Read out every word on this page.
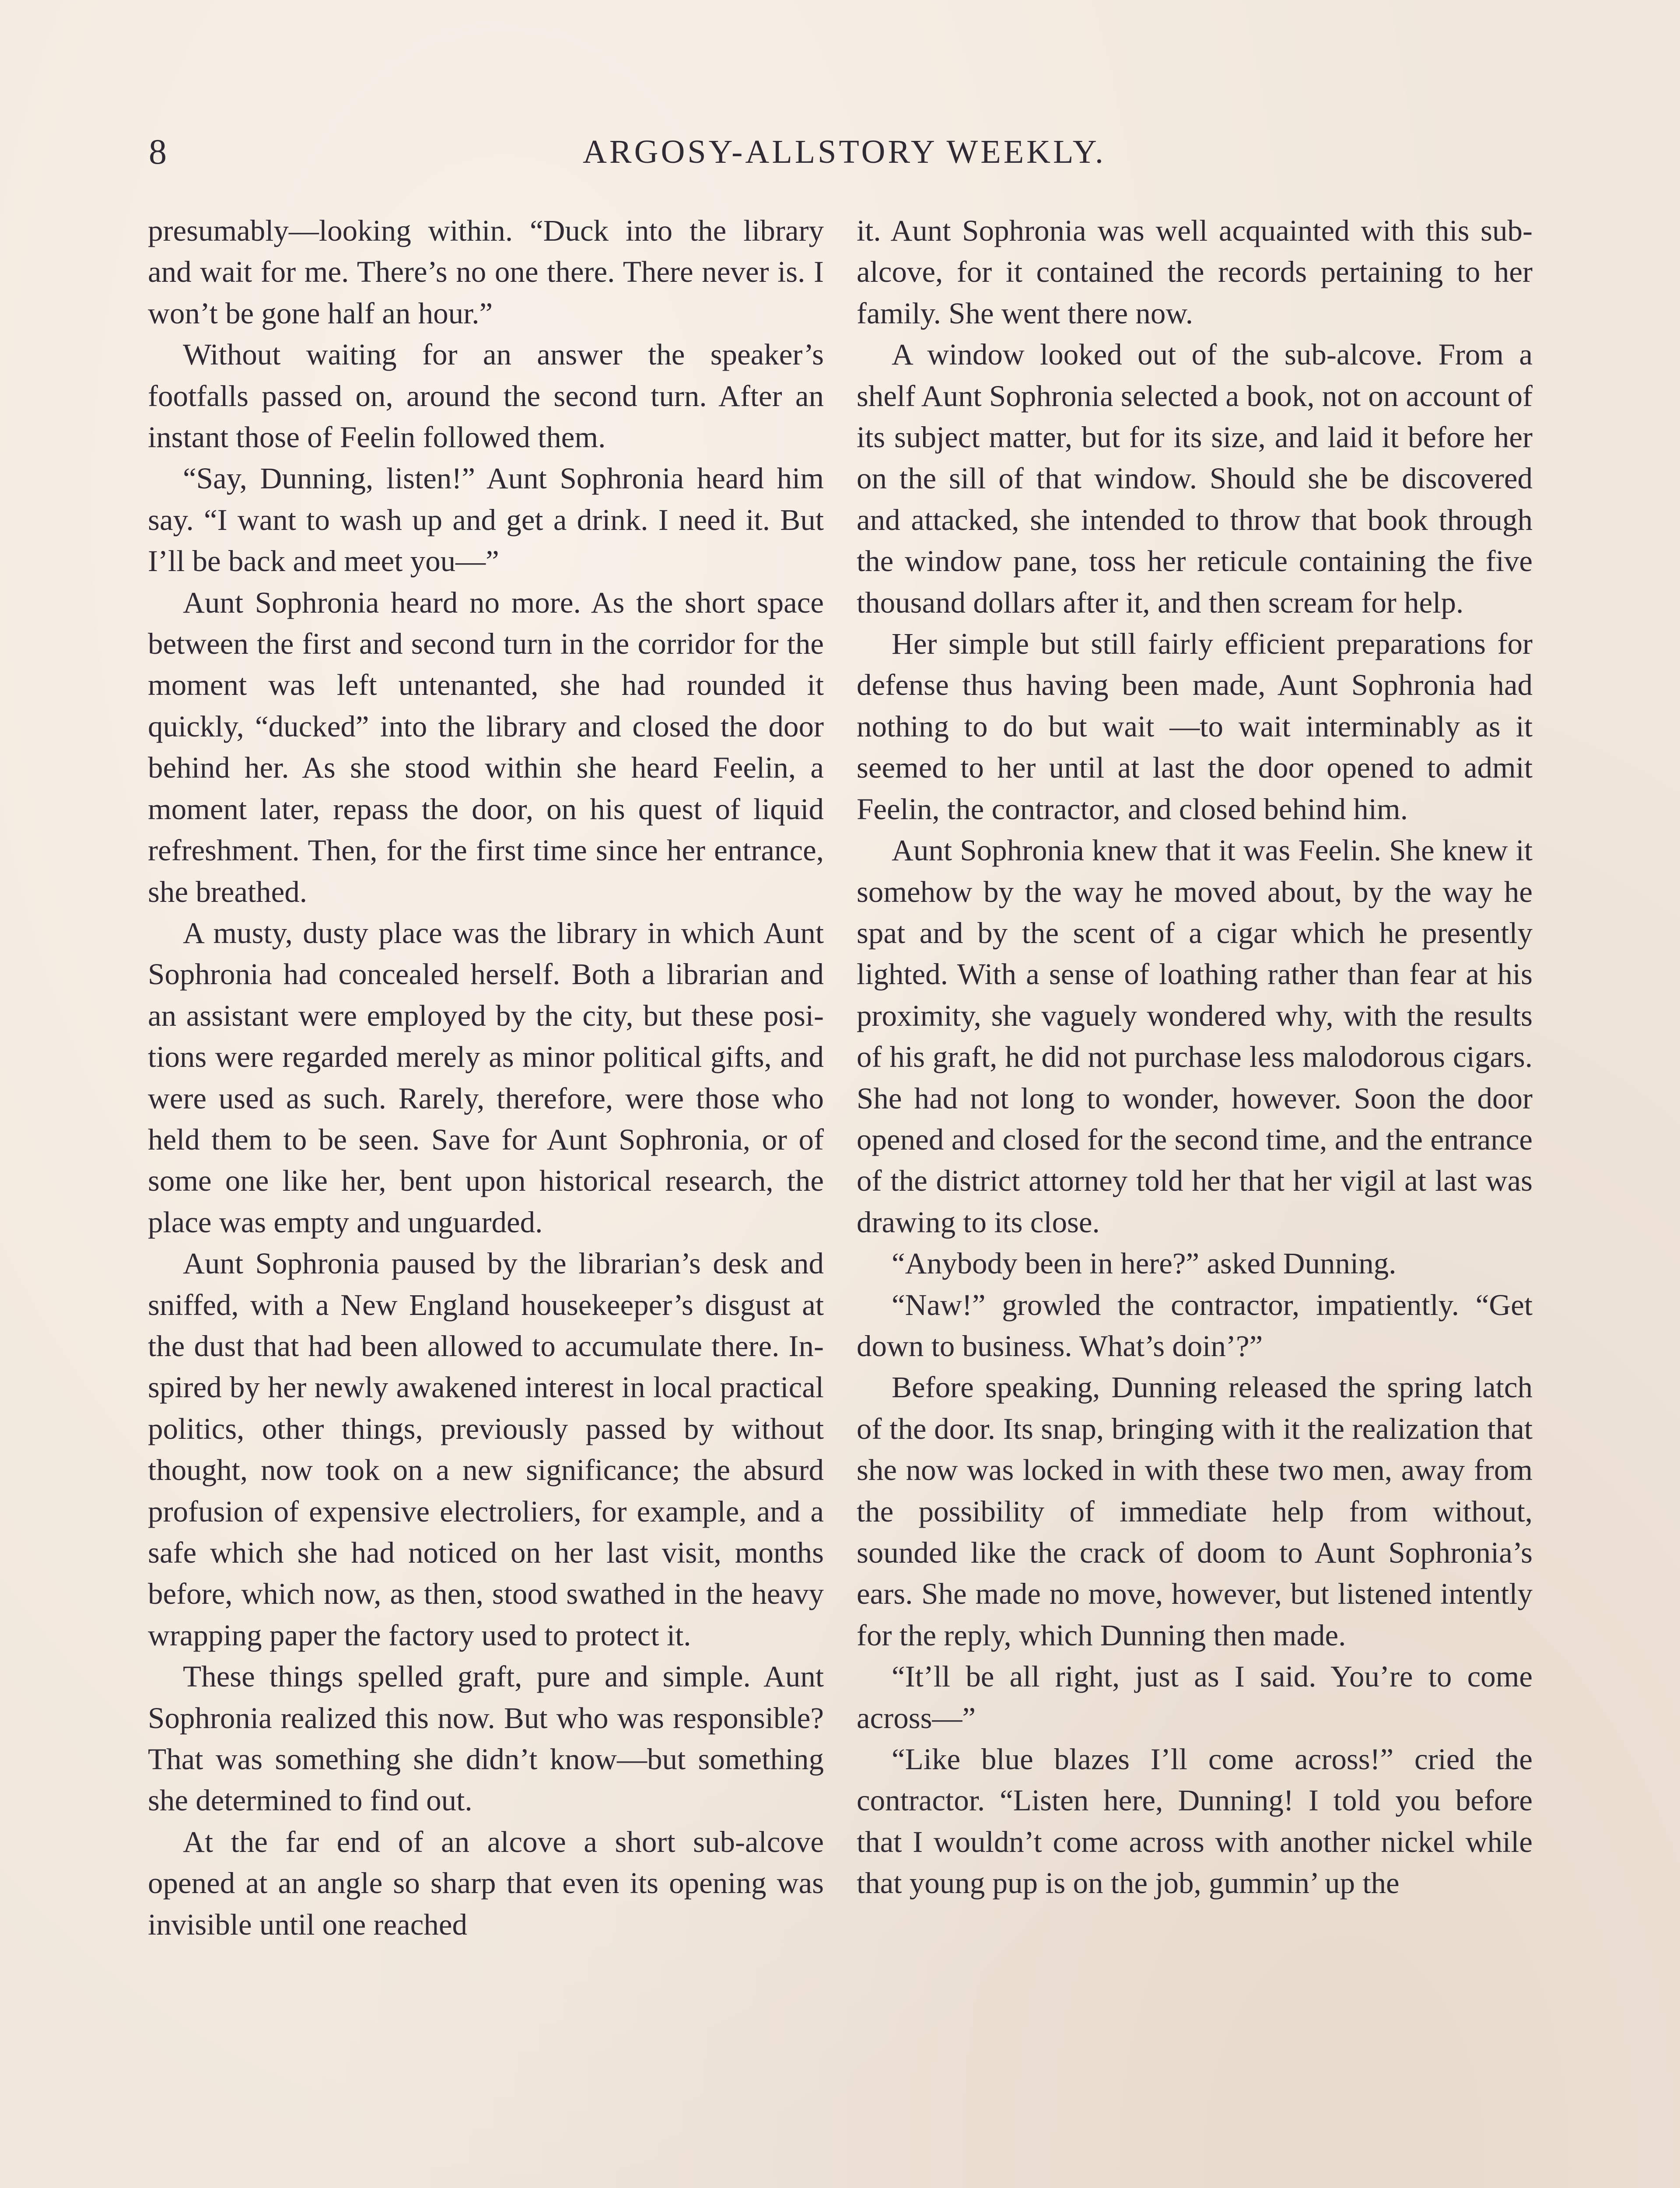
8	ARGOSY-ALLSTORY WEEKLY.

presumably—looking within. “Duck into the library and wait for me. There’s no one there. There never is. I won’t be gone half an hour.”

Without waiting for an answer the speaker’s footfalls passed on, around the second turn. After an instant those of Feelin followed them.

“Say, Dunning, listen!” Aunt Sophronia heard him say. “I want to wash up and get a drink. I need it. But I’ll be back and meet you—”

Aunt Sophronia heard no more. As the short space between the first and second turn in the corridor for the moment was left untenanted, she had rounded it quickly, “ducked” into the library and closed the door behind her. As she stood within she heard Feelin, a moment later, repass the door, on his quest of liquid refreshment. Then, for the first time since her entrance, she breathed.

A musty, dusty place was the library in which Aunt Sophronia had concealed herself. Both a librarian and an assistant were employed by the city, but these positions were regarded merely as minor political gifts, and were used as such. Rarely, therefore, were those who held them to be seen. Save for Aunt Sophronia, or of some one like her, bent upon historical research, the place was empty and unguarded.

Aunt Sophronia paused by the librarian’s desk and sniffed, with a New England housekeeper’s disgust at the dust that had been allowed to accumulate there. Inspired by her newly awakened interest in local practical politics, other things, previously passed by without thought, now took on a new significance; the absurd profusion of expensive electroliers, for example, and a safe which she had noticed on her last visit, months before, which now, as then, stood swathed in the heavy wrapping paper the factory used to protect it.

These things spelled graft, pure and simple. Aunt Sophronia realized this now. But who was responsible? That was something she didn’t know—but something she determined to find out.

At the far end of an alcove a short sub-alcove opened at an angle so sharp that even its opening was invisible until one reached

it. Aunt Sophronia was well acquainted with this sub-alcove, for it contained the records pertaining to her family. She went there now.

A window looked out of the sub-alcove. From a shelf Aunt Sophronia selected a book, not on account of its subject matter, but for its size, and laid it before her on the sill of that window. Should she be discovered and attacked, she intended to throw that book through the window pane, toss her reticule containing the five thousand dollars after it, and then scream for help.

Her simple but still fairly efficient preparations for defense thus having been made, Aunt Sophronia had nothing to do but wait —to wait interminably as it seemed to her until at last the door opened to admit Feelin, the contractor, and closed behind him.

Aunt Sophronia knew that it was Feelin. She knew it somehow by the way he moved about, by the way he spat and by the scent of a cigar which he presently lighted. With a sense of loathing rather than fear at his proximity, she vaguely wondered why, with the results of his graft, he did not purchase less malodorous cigars. She had not long to wonder, however. Soon the door opened and closed for the second time, and the entrance of the district attorney told her that her vigil at last was drawing to its close.

“Anybody been in here?” asked Dunning.

“Naw!” growled the contractor, impatiently. “Get down to business. What’s doin’?”

Before speaking, Dunning released the spring latch of the door. Its snap, bringing with it the realization that she now was locked in with these two men, away from the possibility of immediate help from without, sounded like the crack of doom to Aunt Sophronia’s ears. She made no move, however, but listened intently for the reply, which Dunning then made.

“It’ll be all right, just as I said. You’re to come across—”

“Like blue blazes I’ll come across!” cried the contractor. “Listen here, Dunning! I told you before that I wouldn’t come across with another nickel while that young pup is on the job, gummin’ up the
